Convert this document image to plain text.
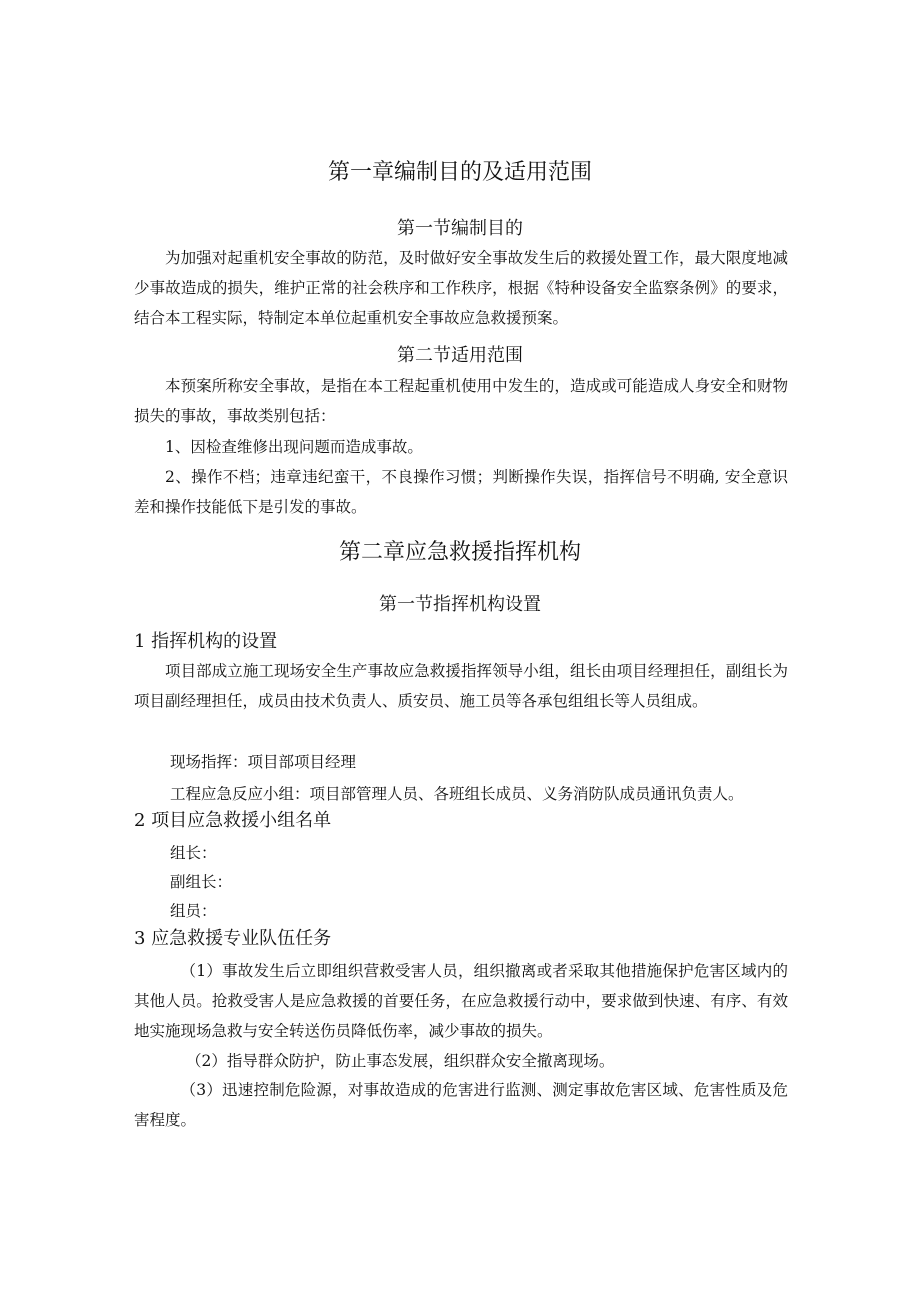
第一章编制目的及适用范围
第一节编制目的

为加强对起重机安全事故的防范，及时做好安全事故发生后的救援处置工作，最大限度地减少事故造成的损失，维护正常的社会秩序和工作秩序，根据《特种设备安全监察条例》的要求，结合本工程实际，特制定本单位起重机安全事故应急救援预案。

第二节适用范围

本预案所称安全事故，是指在本工程起重机使用中发生的，造成或可能造成人身安全和财物损失的事故，事故类别包括：

1、因检查维修出现问题而造成事故。

2、操作不档；违章违纪蛮干，不良操作习惯；判断操作失误，指挥信号不明确, 安全意识差和操作技能低下是引发的事故。

第二章应急救援指挥机构
第一节指挥机构设置
1 指挥机构的设置

项目部成立施工现场安全生产事故应急救援指挥领导小组，组长由项目经理担任，副组长为项目副经理担任，成员由技术负责人、质安员、施工员等各承包组组长等人员组成。

现场指挥：项目部项目经理
工程应急反应小组：项目部管理人员、各班组长成员、义务消防队成员通讯负责人。
2 项目应急救援小组名单
组长：
副组长：
组员：
3 应急救援专业队伍任务

（1）事故发生后立即组织营救受害人员，组织撤离或者采取其他措施保护危害区域内的其他人员。抢救受害人是应急救援的首要任务，在应急救援行动中，要求做到快速、有序、有效地实施现场急救与安全转送伤员降低伤率，减少事故的损失。

（2）指导群众防护，防止事态发展，组织群众安全撤离现场。

（3）迅速控制危险源，对事故造成的危害进行监测、测定事故危害区域、危害性质及危害程度。
